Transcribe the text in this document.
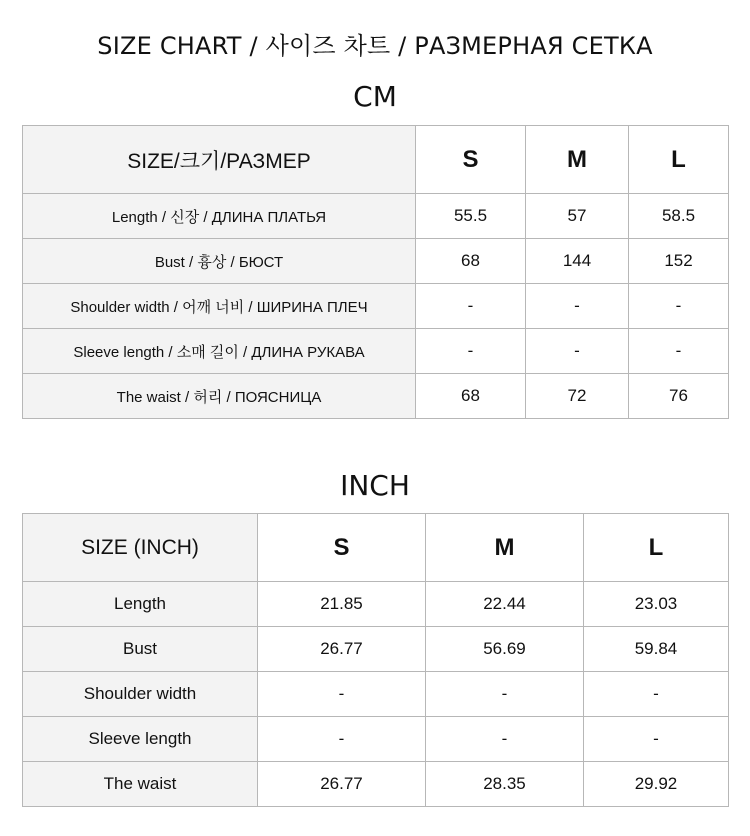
SIZE CHART / 사이즈 차트 / РАЗМЕРНАЯ СЕТКА
CM
SIZE/크기/РАЗМЕР	S	M	L
Length / 신장 / ДЛИНА ПЛАТЬЯ	55.5	57	58.5
Bust / 흉상 / БЮСТ	68	144	152
Shoulder width / 어깨 너비 / ШИРИНА ПЛЕЧ	-	-	-
Sleeve length / 소매 길이 / ДЛИНА РУКАВА	-	-	-
The waist / 허리 / ПОЯСНИЦА	68	72	76
INCH
SIZE (INCH)	S	M	L
Length	21.85	22.44	23.03
Bust	26.77	56.69	59.84
Shoulder width	-	-	-
Sleeve length	-	-	-
The waist	26.77	28.35	29.92
